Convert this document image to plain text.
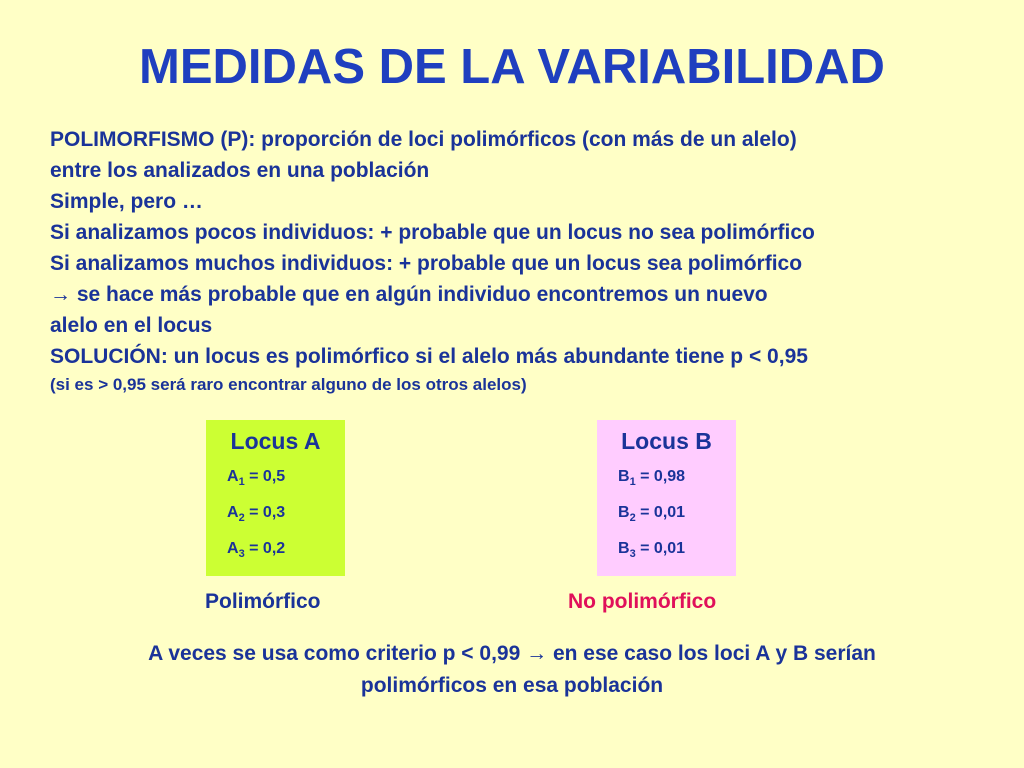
MEDIDAS DE LA VARIABILIDAD
POLIMORFISMO (P): proporción de loci polimórficos (con más de un alelo)
entre los analizados en una población
Simple, pero …
Si analizamos pocos individuos: + probable que un locus no sea polimórfico
Si analizamos muchos individuos: + probable que un locus sea polimórfico
→ se hace más probable que en algún individuo encontremos un nuevo
alelo en el locus
SOLUCIÓN: un locus es polimórfico si el alelo más abundante tiene p < 0,95
(si es > 0,95 será raro encontrar alguno de los otros alelos)
Locus A
$A_1 = 0,5$
$A_2 = 0,3$
$A_3 = 0,2$
Locus B
$B_1 = 0,98$
$B_2 = 0,01$
$B_3 = 0,01$
Polimórfico	No polimórfico
A veces se usa como criterio p < 0,99 → en ese caso los loci A y B serían
polimórficos en esa población
